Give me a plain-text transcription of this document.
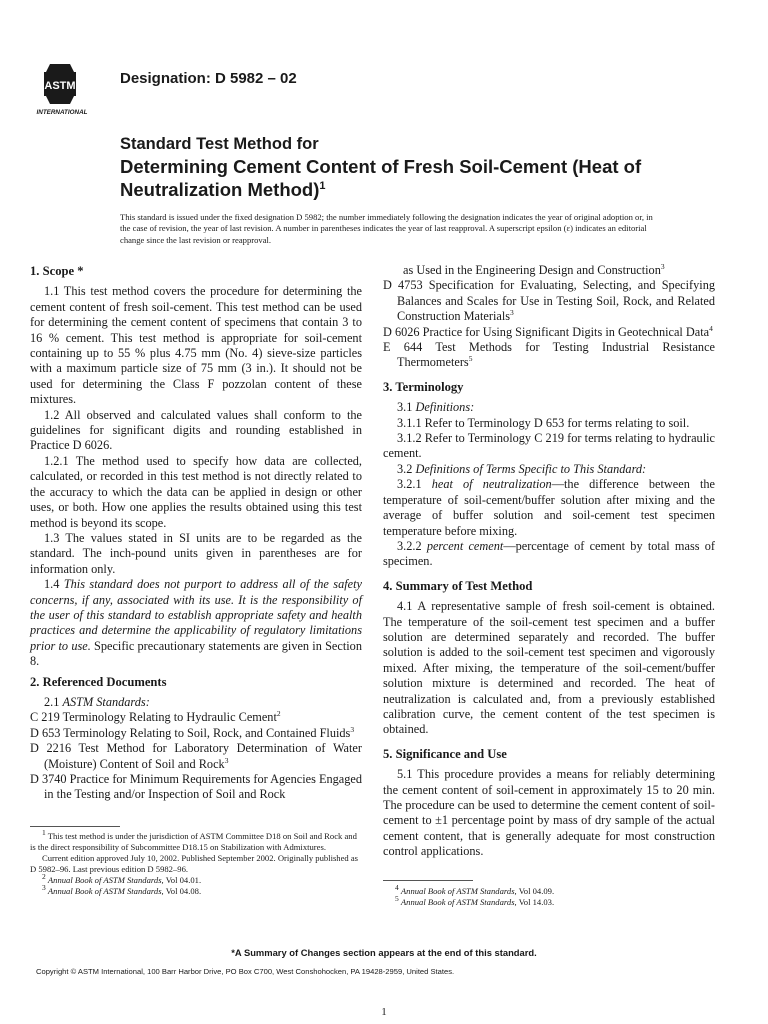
ASTM
INTERNATIONAL
Designation: D 5982 – 02
Standard Test Method for
Determining Cement Content of Fresh Soil-Cement (Heat of
Neutralization Method)$^1$
This standard is issued under the fixed designation D 5982; the number immediately following the designation indicates the year of original adoption or, in the case of revision, the year of last revision. A number in parentheses indicates the year of last reapproval. A superscript epsilon (ε) indicates an editorial change since the last revision or reapproval.
1. Scope *

1.1 This test method covers the procedure for determining the cement content of fresh soil-cement. This test method can be used for determining the cement content of specimens that contain 3 to 16 % cement. This test method is appropriate for soil-cement containing up to 55 % plus 4.75 mm (No. 4) sieve-size particles with a maximum particle size of 75 mm (3 in.). It should not be used for determining the Class F pozzolan content of these mixtures.

1.2 All observed and calculated values shall conform to the guidelines for significant digits and rounding established in Practice D 6026.

1.2.1 The method used to specify how data are collected, calculated, or recorded in this test method is not directly related to the accuracy to which the data can be applied in design or other uses, or both. How one applies the results obtained using this test method is beyond its scope.

1.3 The values stated in SI units are to be regarded as the standard. The inch-pound units given in parentheses are for information only.

1.4 This standard does not purport to address all of the safety concerns, if any, associated with its use. It is the responsibility of the user of this standard to establish appropriate safety and health practices and determine the applicability of regulatory limitations prior to use. Specific precautionary statements are given in Section 8.

2. Referenced Documents

2.1 ASTM Standards:

C 219 Terminology Relating to Hydraulic Cement$^2$

D 653 Terminology Relating to Soil, Rock, and Contained Fluids$^3$

D 2216 Test Method for Laboratory Determination of Water (Moisture) Content of Soil and Rock$^3$

D 3740 Practice for Minimum Requirements for Agencies Engaged in the Testing and/or Inspection of Soil and Rock

$^1$ This test method is under the jurisdiction of ASTM Committee D18 on Soil and Rock and is the direct responsibility of Subcommittee D18.15 on Stabilization with Admixtures.

Current edition approved July 10, 2002. Published September 2002. Originally published as D 5982–96. Last previous edition D 5982–96.

$^2$ Annual Book of ASTM Standards, Vol 04.01.

$^3$ Annual Book of ASTM Standards, Vol 04.08.

as Used in the Engineering Design and Construction$^3$

D 4753 Specification for Evaluating, Selecting, and Specifying Balances and Scales for Use in Testing Soil, Rock, and Related Construction Materials$^3$

D 6026 Practice for Using Significant Digits in Geotechnical Data$^4$

E 644 Test Methods for Testing Industrial Resistance Thermometers$^5$

3. Terminology

3.1 Definitions:

3.1.1 Refer to Terminology D 653 for terms relating to soil.

3.1.2 Refer to Terminology C 219 for terms relating to hydraulic cement.

3.2 Definitions of Terms Specific to This Standard:

3.2.1 heat of neutralization—the difference between the temperature of soil-cement/buffer solution after mixing and the average of buffer solution and soil-cement test specimen temperature before mixing.

3.2.2 percent cement—percentage of cement by total mass of specimen.

4. Summary of Test Method

4.1 A representative sample of fresh soil-cement is obtained. The temperature of the soil-cement test specimen and a buffer solution are determined separately and recorded. The buffer solution is added to the soil-cement test specimen and vigorously mixed. After mixing, the temperature of the soil-cement/buffer solution mixture is determined and recorded. The heat of neutralization is calculated and, from a previously established calibration curve, the cement content of the test specimen is obtained.

5. Significance and Use

5.1 This procedure provides a means for reliably determining the cement content of soil-cement in approximately 15 to 20 min. The procedure can be used to determine the cement content of soil-cement to ±1 percentage point by mass of dry sample of the actual cement content, that is generally adequate for most construction control applications.

$^4$ Annual Book of ASTM Standards, Vol 04.09.

$^5$ Annual Book of ASTM Standards, Vol 14.03.

*A Summary of Changes section appears at the end of this standard.
Copyright © ASTM International, 100 Barr Harbor Drive, PO Box C700, West Conshohocken, PA 19428-2959, United States.
1
